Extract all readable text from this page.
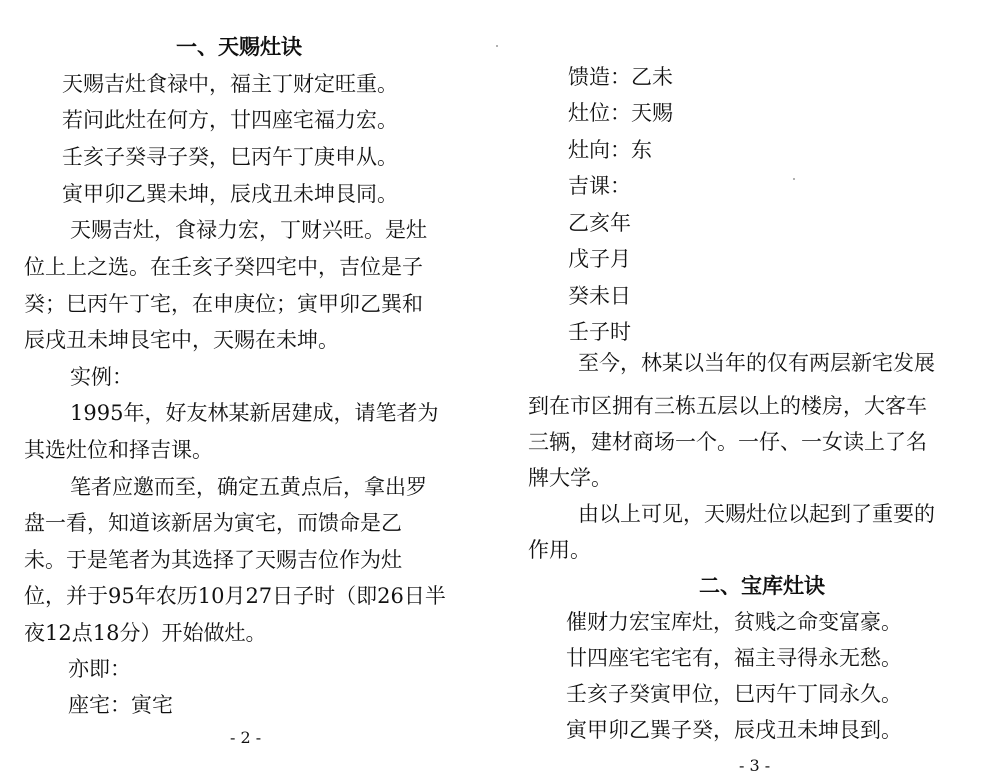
一、天赐灶诀
天赐吉灶食禄中，福主丁财定旺重。
若问此灶在何方，廿四座宅福力宏。
壬亥子癸寻子癸，巳丙午丁庚申从。
寅甲卯乙巽未坤，辰戌丑未坤艮同。
天赐吉灶，食禄力宏，丁财兴旺。是灶
位上上之选。在壬亥子癸四宅中，吉位是子
癸；巳丙午丁宅，在申庚位；寅甲卯乙巽和
辰戌丑未坤艮宅中，天赐在未坤。
实例：
1995年，好友林某新居建成，请笔者为
其选灶位和择吉课。
笔者应邀而至，确定五黄点后，拿出罗
盘一看，知道该新居为寅宅，而馈命是乙
未。于是笔者为其选择了天赐吉位作为灶
位，并于95年农历10月27日子时（即26日半
夜12点18分）开始做灶。
亦即：
座宅：寅宅
- 2 -
馈造：乙未
灶位：天赐
灶向：东
吉课：
乙亥年
戊子月
癸未日
壬子时
至今，林某以当年的仅有两层新宅发展
到在市区拥有三栋五层以上的楼房，大客车
三辆，建材商场一个。一仔、一女读上了名
牌大学。
由以上可见，天赐灶位以起到了重要的
作用。
二、宝库灶诀
催财力宏宝库灶，贫贱之命变富豪。
廿四座宅宅宅有，福主寻得永无愁。
壬亥子癸寅甲位，巳丙午丁同永久。
寅甲卯乙巽子癸，辰戌丑未坤艮到。
- 3 -
